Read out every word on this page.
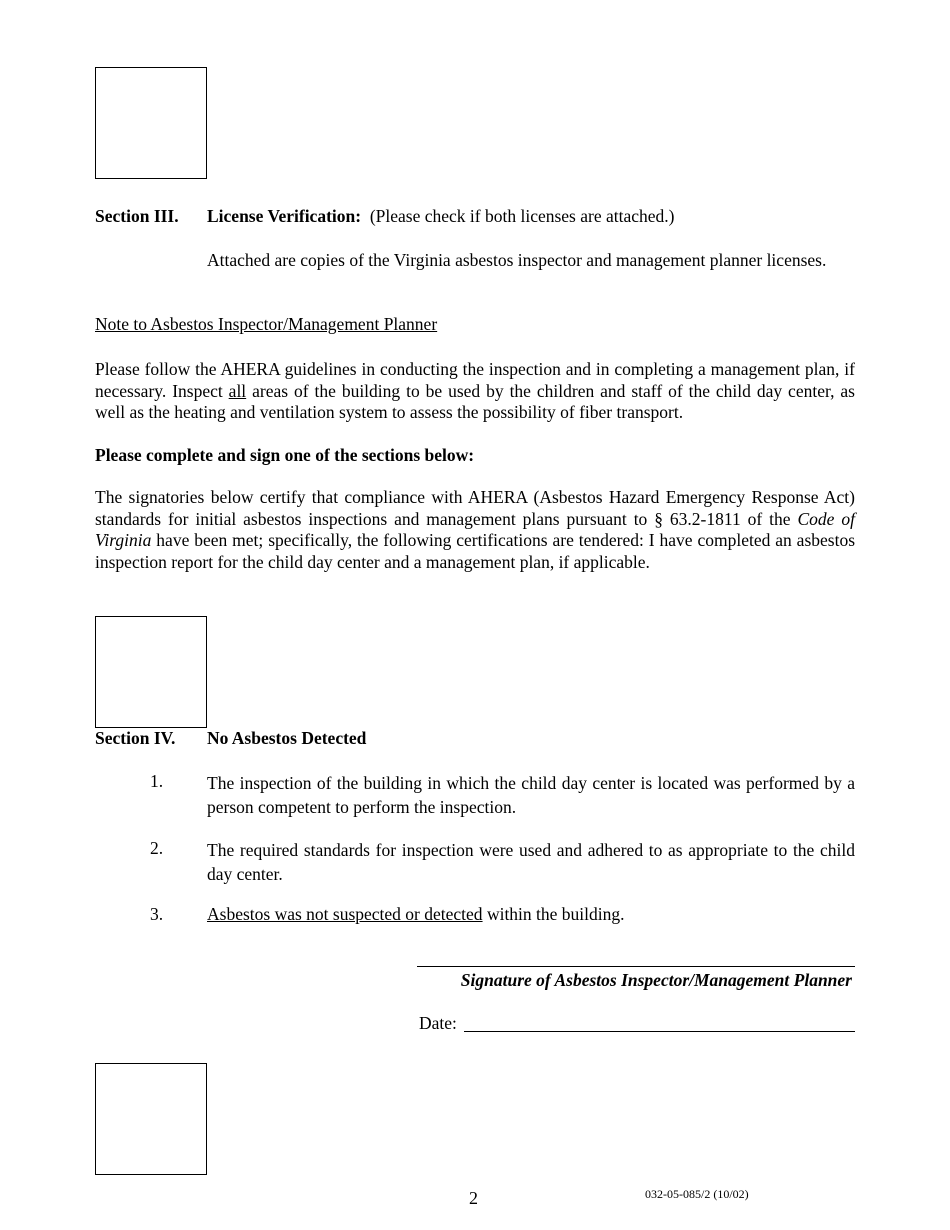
Section III. License Verification: (Please check if both licenses are attached.)
Attached are copies of the Virginia asbestos inspector and management planner licenses.
Note to Asbestos Inspector/Management Planner
Please follow the AHERA guidelines in conducting the inspection and in completing a management plan, if necessary. Inspect all areas of the building to be used by the children and staff of the child day center, as well as the heating and ventilation system to assess the possibility of fiber transport.
Please complete and sign one of the sections below:
The signatories below certify that compliance with AHERA (Asbestos Hazard Emergency Response Act) standards for initial asbestos inspections and management plans pursuant to § 63.2-1811 of the Code of Virginia have been met; specifically, the following certifications are tendered: I have completed an asbestos inspection report for the child day center and a management plan, if applicable.
Section IV. No Asbestos Detected
1.	The inspection of the building in which the child day center is located was performed by a person competent to perform the inspection.
2.	The required standards for inspection were used and adhered to as appropriate to the child day center.
3.	Asbestos was not suspected or detected within the building.
Signature of Asbestos Inspector/Management Planner
Date:
2	032-05-085/2 (10/02)
